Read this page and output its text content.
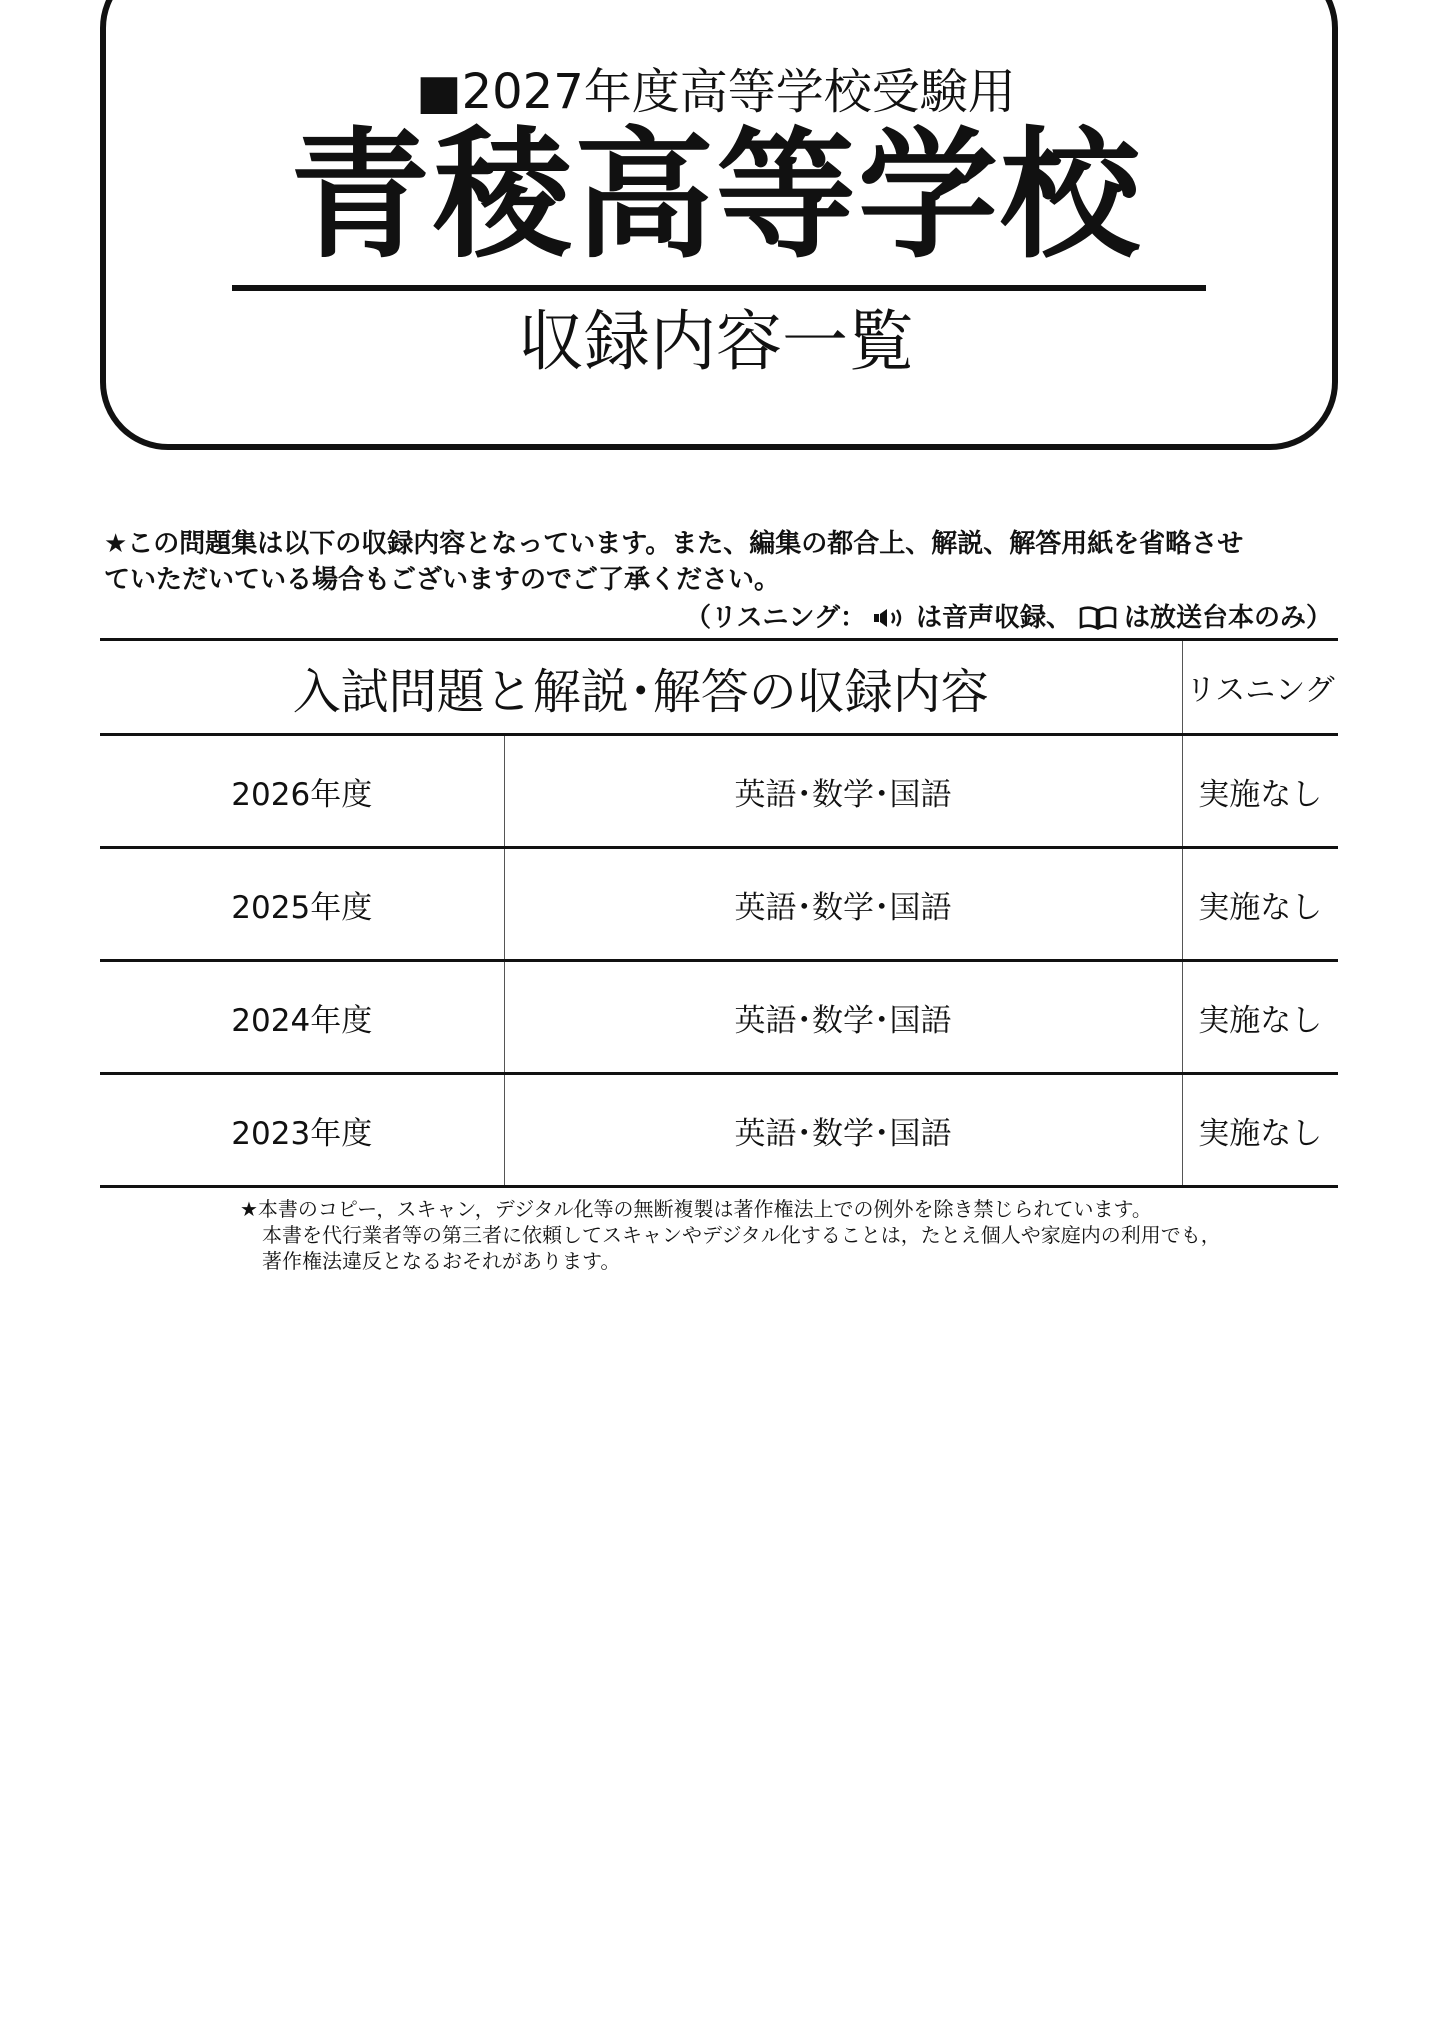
■2027年度高等学校受験用
青稜高等学校
収録内容一覧
★この問題集は以下の収録内容となっています。また、編集の都合上、解説、解答用紙を省略させ
ていただいている場合もございますのでご了承ください。
（リスニング： は音声収録、 は放送台本のみ）
入試問題と解説･解答の収録内容		リスニング
2026年度	英語･数学･国語	実施なし
2025年度	英語･数学･国語	実施なし
2024年度	英語･数学･国語	実施なし
2023年度	英語･数学･国語	実施なし
★本書のコピー，スキャン，デジタル化等の無断複製は著作権法上での例外を除き禁じられています。
本書を代行業者等の第三者に依頼してスキャンやデジタル化することは，たとえ個人や家庭内の利用でも，
著作権法違反となるおそれがあります。
